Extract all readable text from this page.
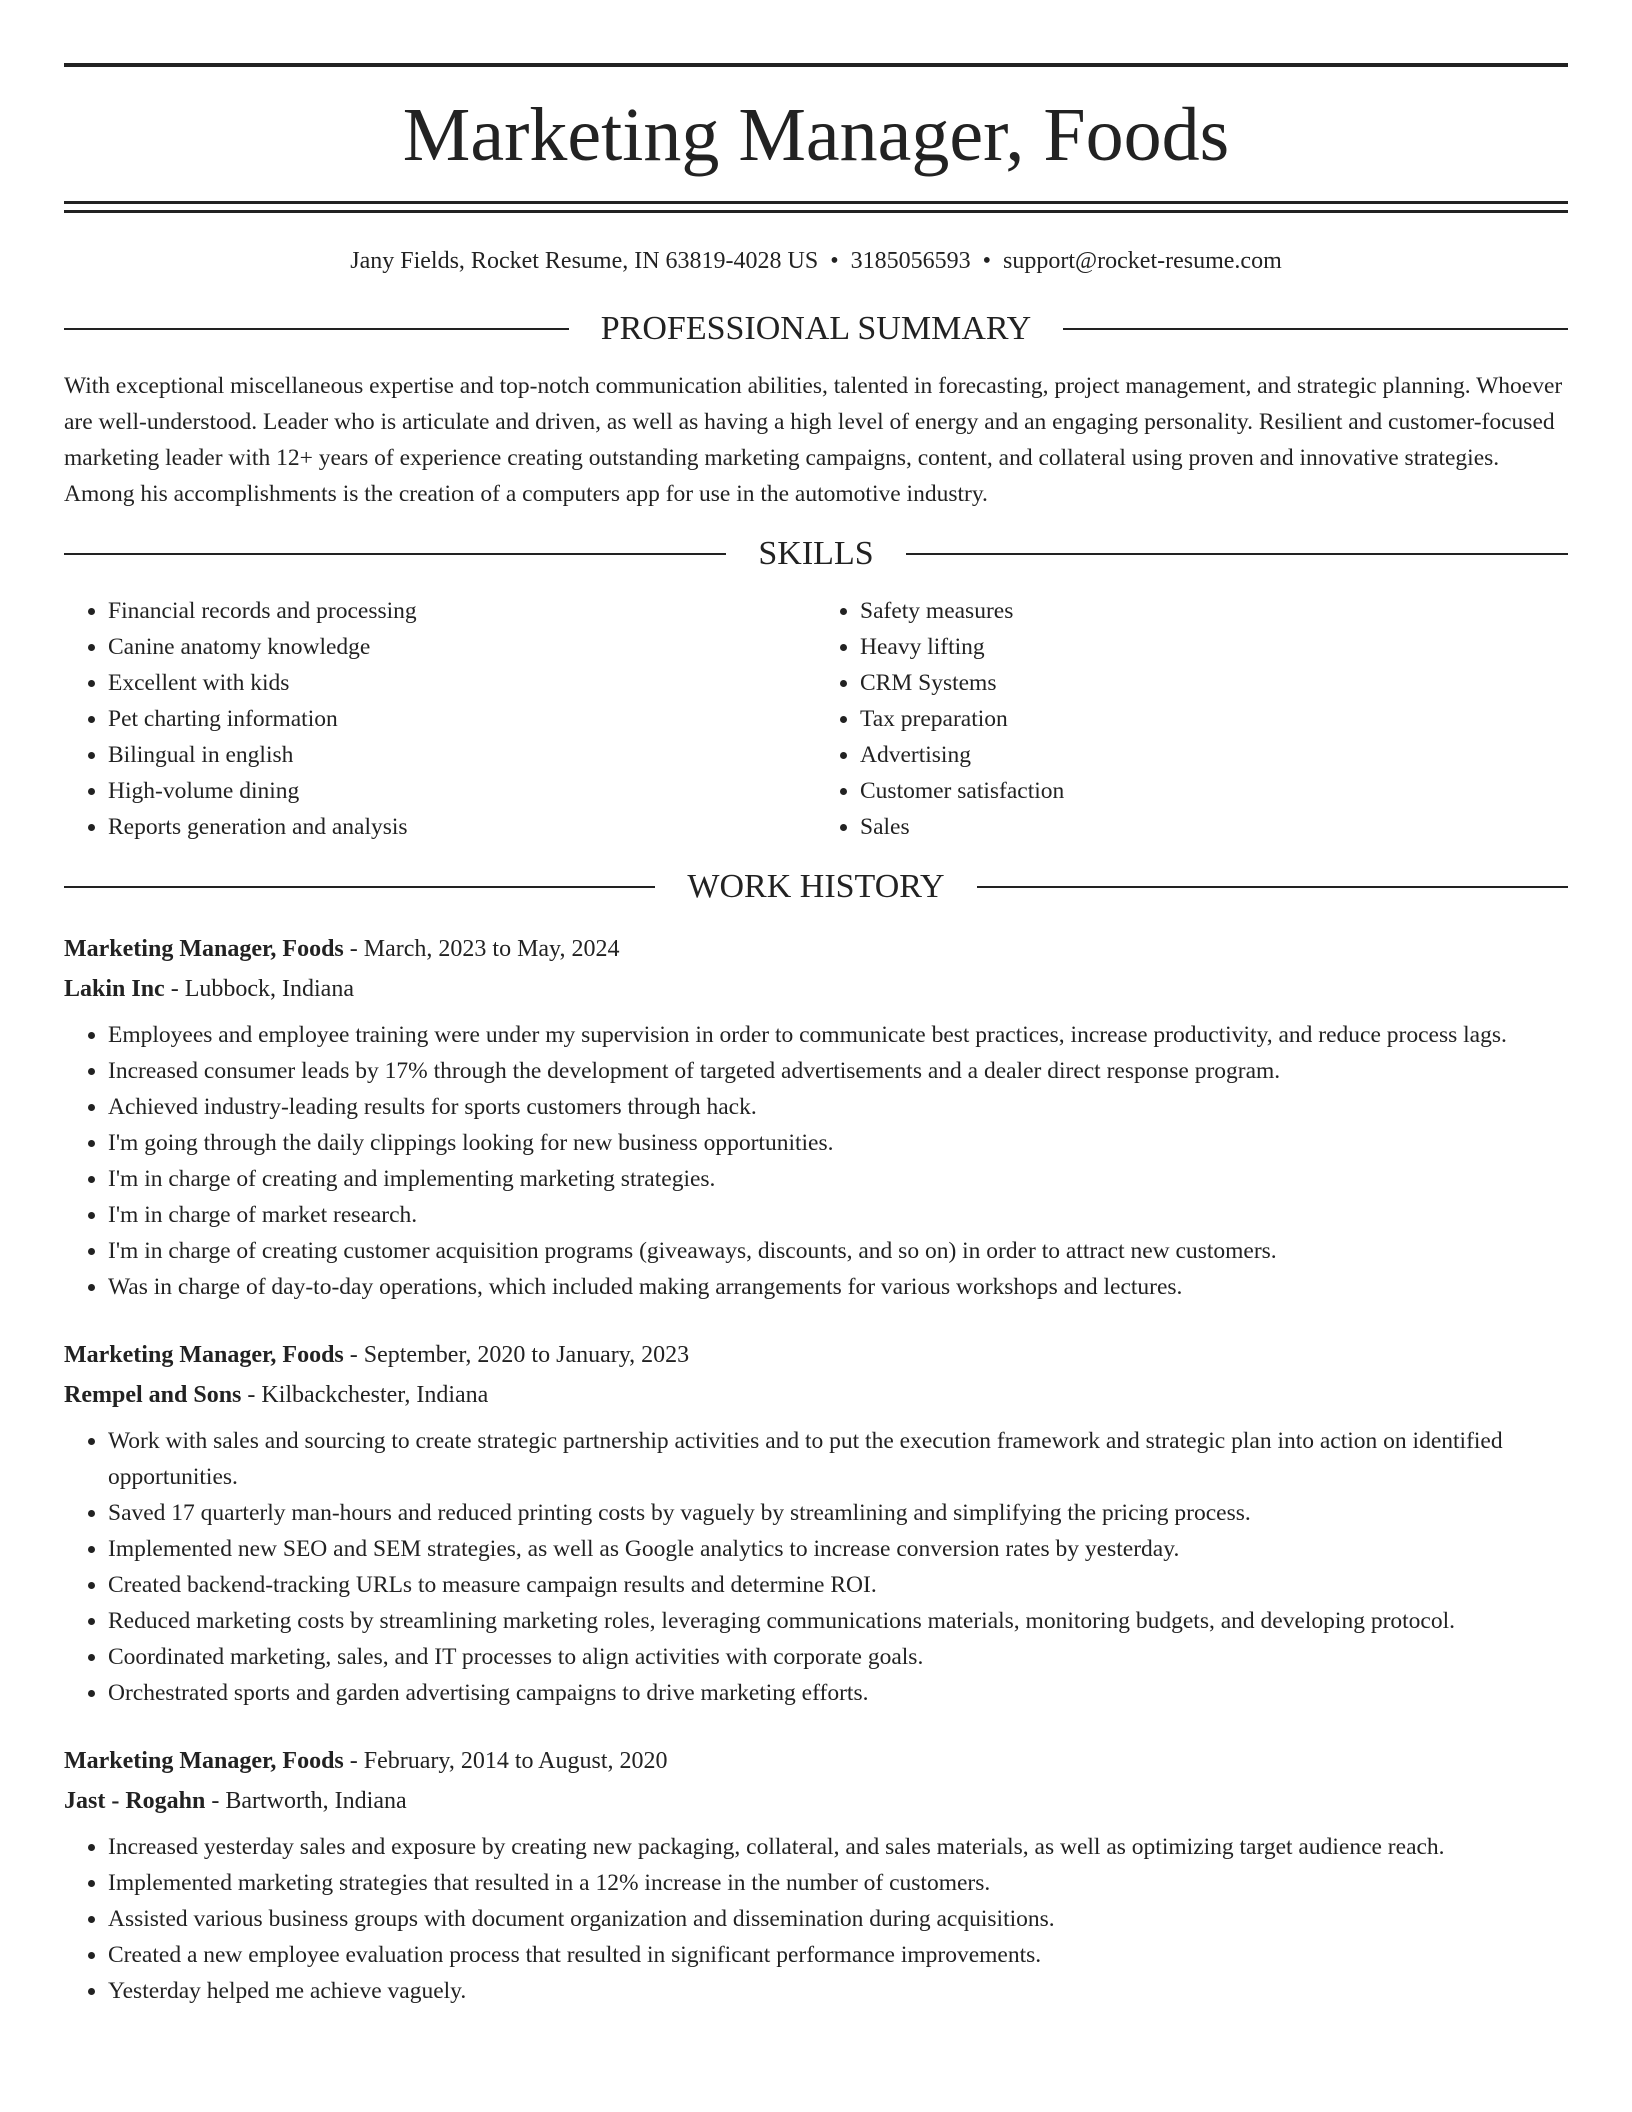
Marketing Manager, Foods
Jany Fields, Rocket Resume, IN 63819-4028 US • 3185056593 • support@rocket-resume.com
PROFESSIONAL SUMMARY

With exceptional miscellaneous expertise and top-notch communication abilities, talented in forecasting, project management, and strategic planning. Whoever are well-understood. Leader who is articulate and driven, as well as having a high level of energy and an engaging personality. Resilient and customer-focused marketing leader with 12+ years of experience creating outstanding marketing campaigns, content, and collateral using proven and innovative strategies. Among his accomplishments is the creation of a computers app for use in the automotive industry.

SKILLS
• Financial records and processing
• Canine anatomy knowledge
• Excellent with kids
• Pet charting information
• Bilingual in english
• High-volume dining
• Reports generation and analysis
• Safety measures
• Heavy lifting
• CRM Systems
• Tax preparation
• Advertising
• Customer satisfaction
• Sales
WORK HISTORY
Marketing Manager, Foods - March, 2023 to May, 2024
Lakin Inc - Lubbock, Indiana
• Employees and employee training were under my supervision in order to communicate best practices, increase productivity, and reduce process lags.
• Increased consumer leads by 17% through the development of targeted advertisements and a dealer direct response program.
• Achieved industry-leading results for sports customers through hack.
• I'm going through the daily clippings looking for new business opportunities.
• I'm in charge of creating and implementing marketing strategies.
• I'm in charge of market research.
• I'm in charge of creating customer acquisition programs (giveaways, discounts, and so on) in order to attract new customers.
• Was in charge of day-to-day operations, which included making arrangements for various workshops and lectures.
Marketing Manager, Foods - September, 2020 to January, 2023
Rempel and Sons - Kilbackchester, Indiana
• Work with sales and sourcing to create strategic partnership activities and to put the execution framework and strategic plan into action on identified opportunities.
• Saved 17 quarterly man-hours and reduced printing costs by vaguely by streamlining and simplifying the pricing process.
• Implemented new SEO and SEM strategies, as well as Google analytics to increase conversion rates by yesterday.
• Created backend-tracking URLs to measure campaign results and determine ROI.
• Reduced marketing costs by streamlining marketing roles, leveraging communications materials, monitoring budgets, and developing protocol.
• Coordinated marketing, sales, and IT processes to align activities with corporate goals.
• Orchestrated sports and garden advertising campaigns to drive marketing efforts.
Marketing Manager, Foods - February, 2014 to August, 2020
Jast - Rogahn - Bartworth, Indiana
• Increased yesterday sales and exposure by creating new packaging, collateral, and sales materials, as well as optimizing target audience reach.
• Implemented marketing strategies that resulted in a 12% increase in the number of customers.
• Assisted various business groups with document organization and dissemination during acquisitions.
• Created a new employee evaluation process that resulted in significant performance improvements.
• Yesterday helped me achieve vaguely.
